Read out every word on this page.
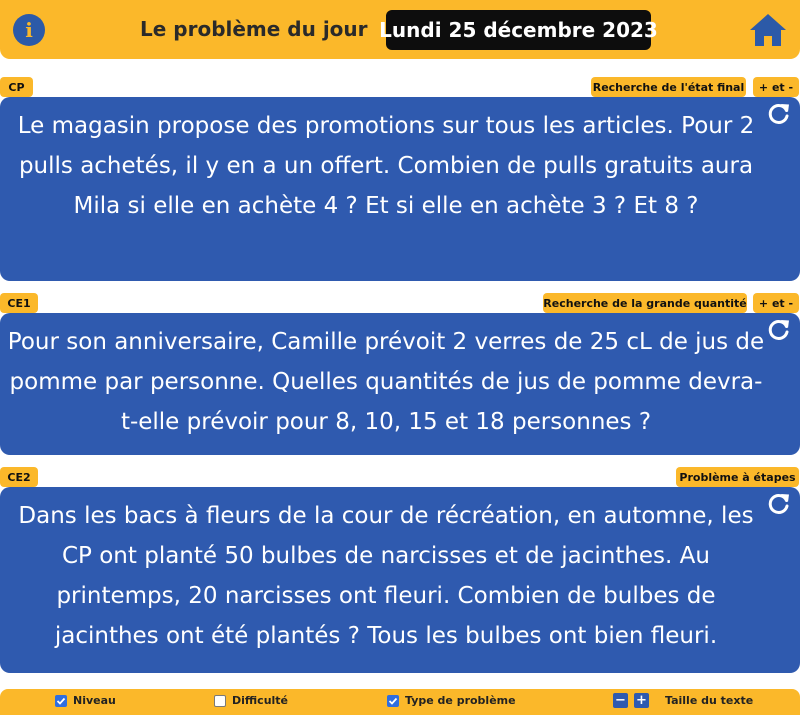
i	Le problème du jour Lundi 25 décembre 2023
CP	Recherche de l'état final	+ et -
Le magasin propose des promotions sur tous les articles. Pour 2 pulls achetés, il y en a un offert. Combien de pulls gratuits aura Mila si elle en achète 4 ? Et si elle en achète 3 ? Et 8 ?
CE1	Recherche de la grande quantité	+ et -
Pour son anniversaire, Camille prévoit 2 verres de 25 cL de jus de pomme par personne. Quelles quantités de jus de pomme devra-t-elle prévoir pour 8, 10, 15 et 18 personnes ?
CE2	Problème à étapes
Dans les bacs à fleurs de la cour de récréation, en automne, les CP ont planté 50 bulbes de narcisses et de jacinthes. Au printemps, 20 narcisses ont fleuri. Combien de bulbes de jacinthes ont été plantés ? Tous les bulbes ont bien fleuri.
Niveau	Difficulté	Type de problème	− + Taille du texte
